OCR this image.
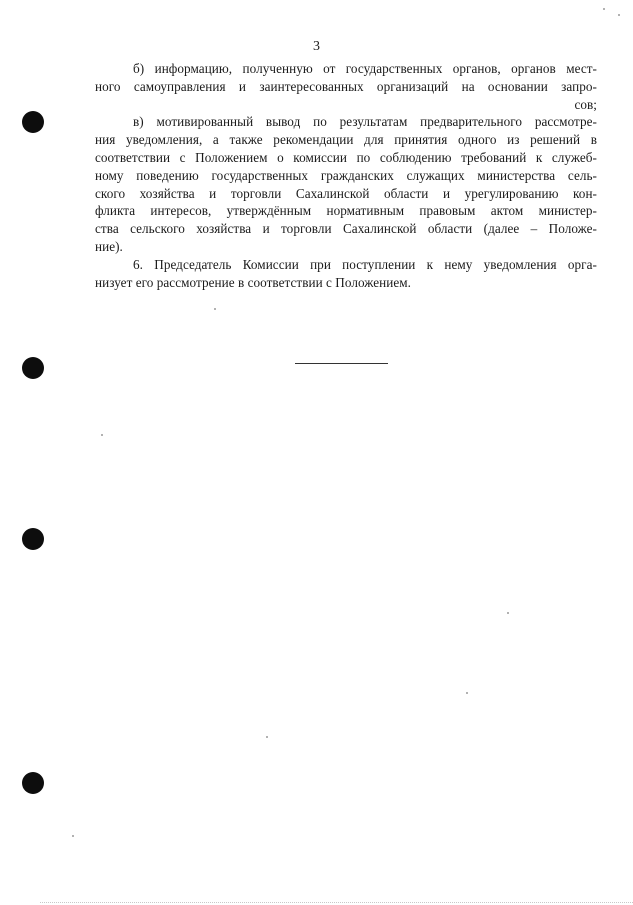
3
б) информацию, полученную от государственных органов, органов мест-
ного самоуправления и заинтересованных организаций на основании запро-
сов;
в) мотивированный вывод по результатам предварительного рассмотре-
ния уведомления, а также рекомендации для принятия одного из решений в
соответствии с Положением о комиссии по соблюдению требований к служеб-
ному поведению государственных гражданских служащих министерства сель-
ского хозяйства и торговли Сахалинской области и урегулированию кон-
фликта интересов, утверждённым нормативным правовым актом министер-
ства сельского хозяйства и торговли Сахалинской области (далее – Положе-
ние).
6. Председатель Комиссии при поступлении к нему уведомления орга-
низует его рассмотрение в соответствии с Положением.
